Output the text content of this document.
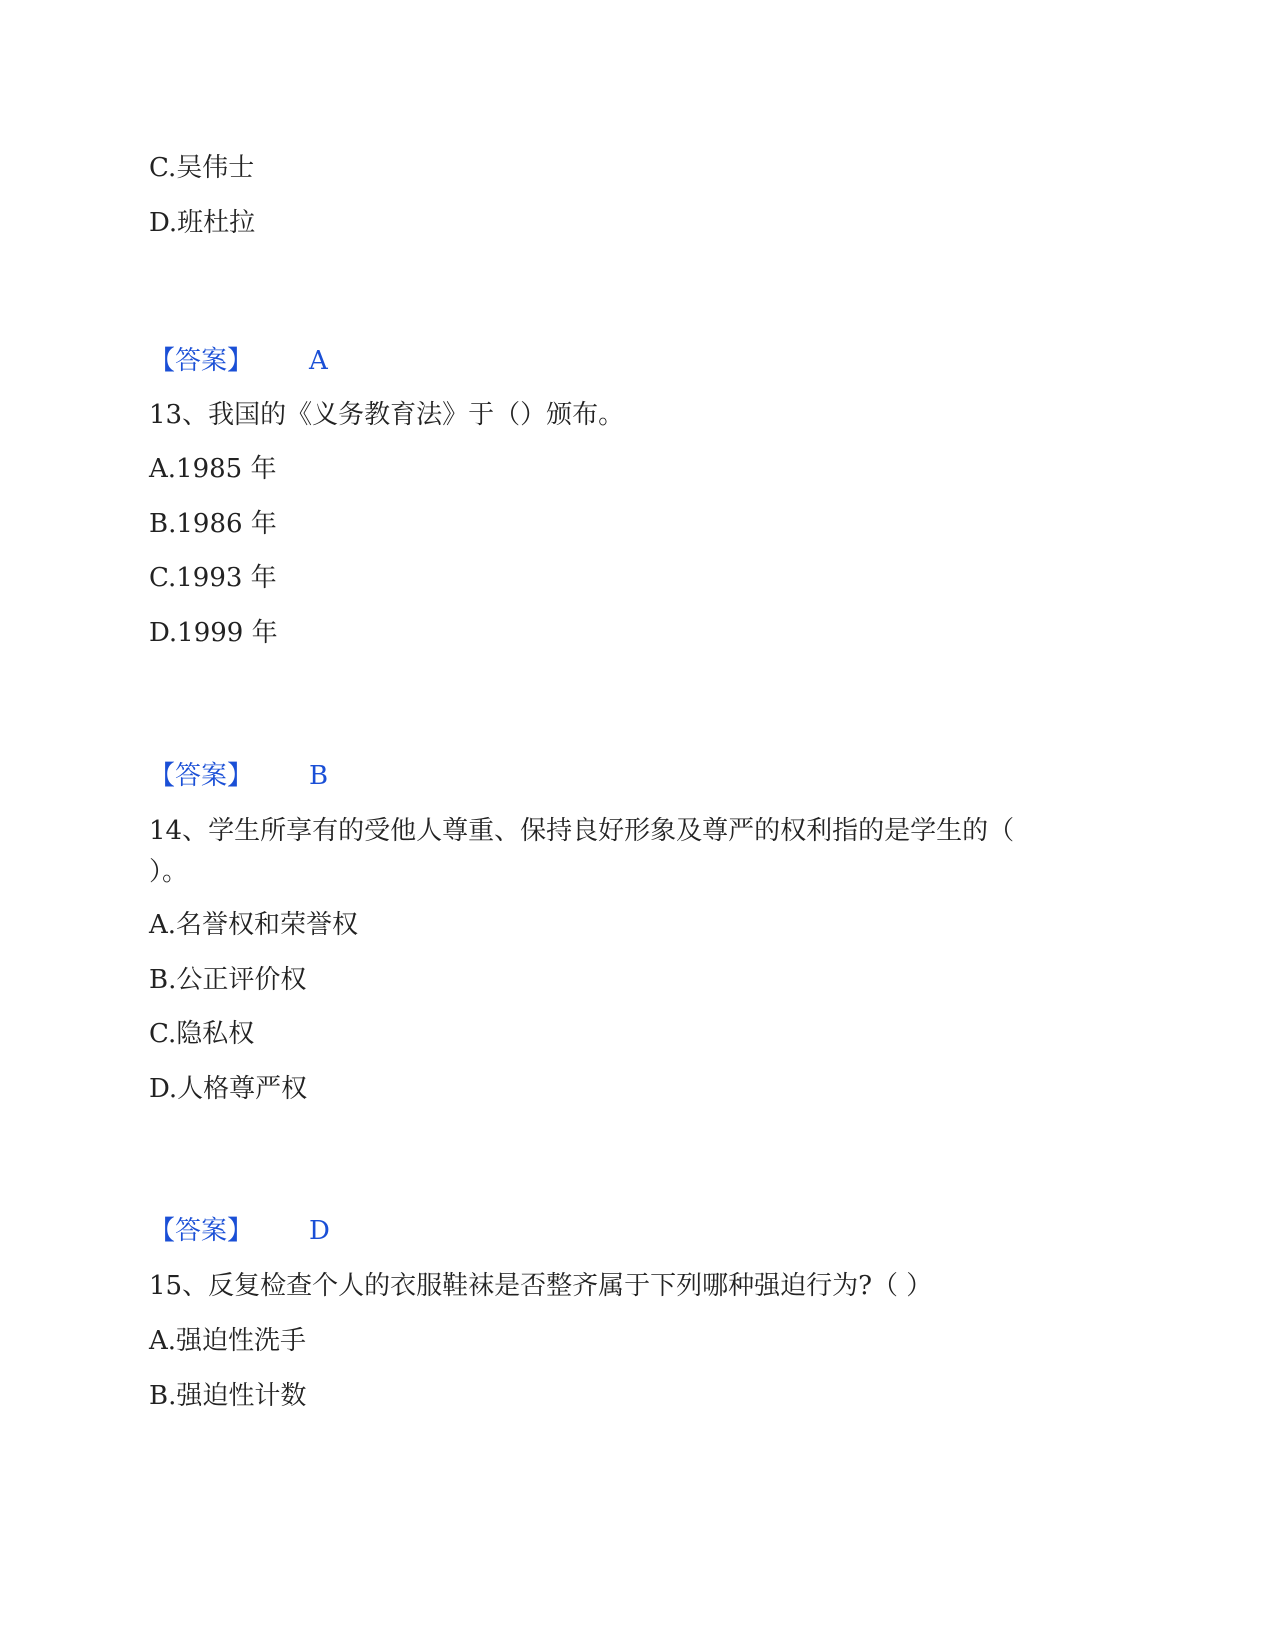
C.吴伟士
D.班杜拉
【答案】 A
13、我国的《义务教育法》于（）颁布。
A.1985 年
B.1986 年
C.1993 年
D.1999 年
【答案】 B
14、学生所享有的受他人尊重、保持良好形象及尊严的权利指的是学生的（
）。
A.名誉权和荣誉权
B.公正评价权
C.隐私权
D.人格尊严权
【答案】 D
15、反复检查个人的衣服鞋袜是否整齐属于下列哪种强迫行为?（ ）
A.强迫性洗手
B.强迫性计数
